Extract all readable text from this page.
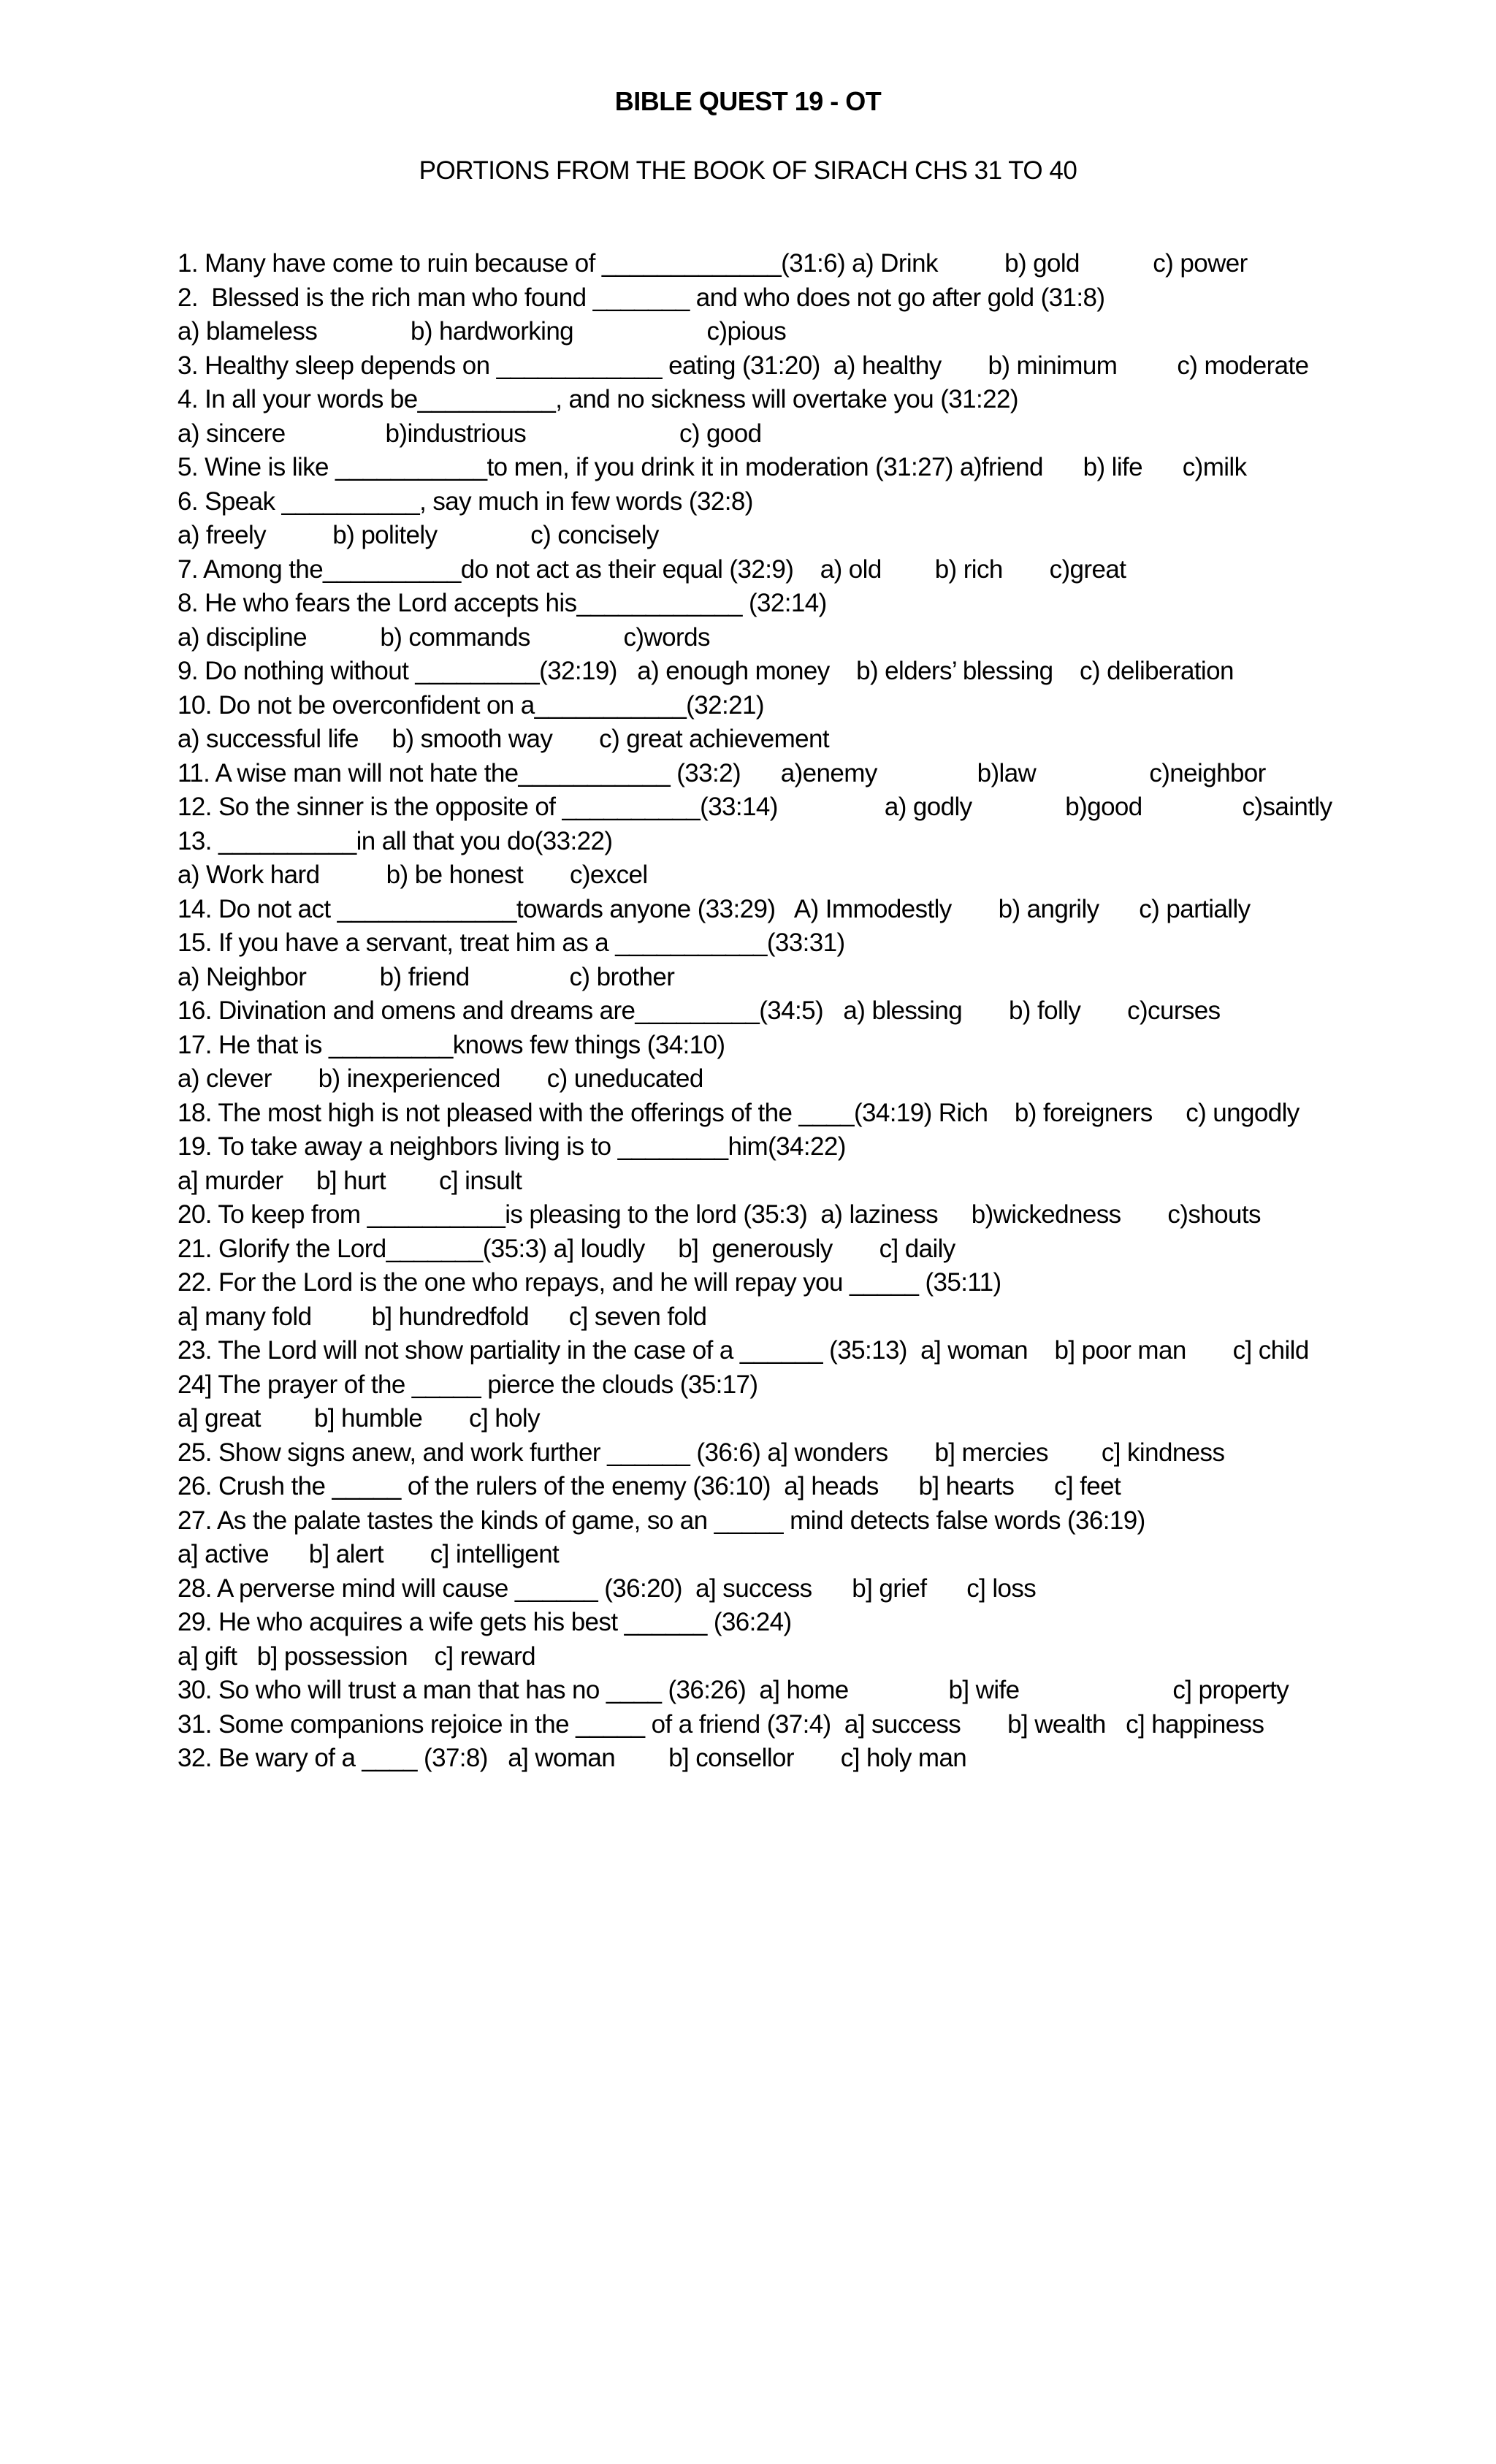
BIBLE QUEST 19 - OT
PORTIONS FROM THE BOOK OF SIRACH CHS 31 TO 40
1. Many have come to ruin because of _____________(31:6) a) Drink          b) gold           c) power
2.  Blessed is the rich man who found _______ and who does not go after gold (31:8)
a) blameless              b) hardworking                    c)pious
3. Healthy sleep depends on ____________ eating (31:20)  a) healthy       b) minimum         c) moderate
4. In all your words be__________, and no sickness will overtake you (31:22)
a) sincere               b)industrious                       c) good
5. Wine is like ___________to men, if you drink it in moderation (31:27) a)friend      b) life      c)milk
6. Speak __________, say much in few words (32:8)
a) freely          b) politely              c) concisely
7. Among the__________do not act as their equal (32:9)    a) old        b) rich       c)great
8. He who fears the Lord accepts his____________ (32:14)
a) discipline           b) commands              c)words
9. Do nothing without _________(32:19)   a) enough money    b) elders’ blessing    c) deliberation
10. Do not be overconfident on a___________(32:21)
a) successful life     b) smooth way       c) great achievement
11. A wise man will not hate the___________ (33:2)      a)enemy               b)law                 c)neighbor
12. So the sinner is the opposite of __________(33:14)                a) godly              b)good               c)saintly
13. __________in all that you do(33:22)
a) Work hard          b) be honest       c)excel
14. Do not act _____________towards anyone (33:29)   A) Immodestly       b) angrily      c) partially
15. If you have a servant, treat him as a ___________(33:31)
a) Neighbor           b) friend               c) brother
16. Divination and omens and dreams are_________(34:5)   a) blessing       b) folly       c)curses
17. He that is _________knows few things (34:10)
a) clever       b) inexperienced       c) uneducated
18. The most high is not pleased with the offerings of the ____(34:19) Rich    b) foreigners     c) ungodly
19. To take away a neighbors living is to ________him(34:22)
a] murder     b] hurt        c] insult
20. To keep from __________is pleasing to the lord (35:3)  a) laziness     b)wickedness       c)shouts
21. Glorify the Lord_______(35:3) a] loudly     b]  generously       c] daily
22. For the Lord is the one who repays, and he will repay you _____ (35:11)
a] many fold         b] hundredfold      c] seven fold
23. The Lord will not show partiality in the case of a ______ (35:13)  a] woman    b] poor man       c] child
24] The prayer of the _____ pierce the clouds (35:17)
a] great        b] humble       c] holy
25. Show signs anew, and work further ______ (36:6) a] wonders       b] mercies        c] kindness
26. Crush the _____ of the rulers of the enemy (36:10)  a] heads      b] hearts      c] feet
27. As the palate tastes the kinds of game, so an _____ mind detects false words (36:19)
a] active      b] alert       c] intelligent
28. A perverse mind will cause ______ (36:20)  a] success      b] grief      c] loss
29. He who acquires a wife gets his best ______ (36:24)
a] gift   b] possession    c] reward
30. So who will trust a man that has no ____ (36:26)  a] home               b] wife                       c] property
31. Some companions rejoice in the _____ of a friend (37:4)  a] success       b] wealth   c] happiness
32. Be wary of a ____ (37:8)   a] woman        b] consellor       c] holy man
